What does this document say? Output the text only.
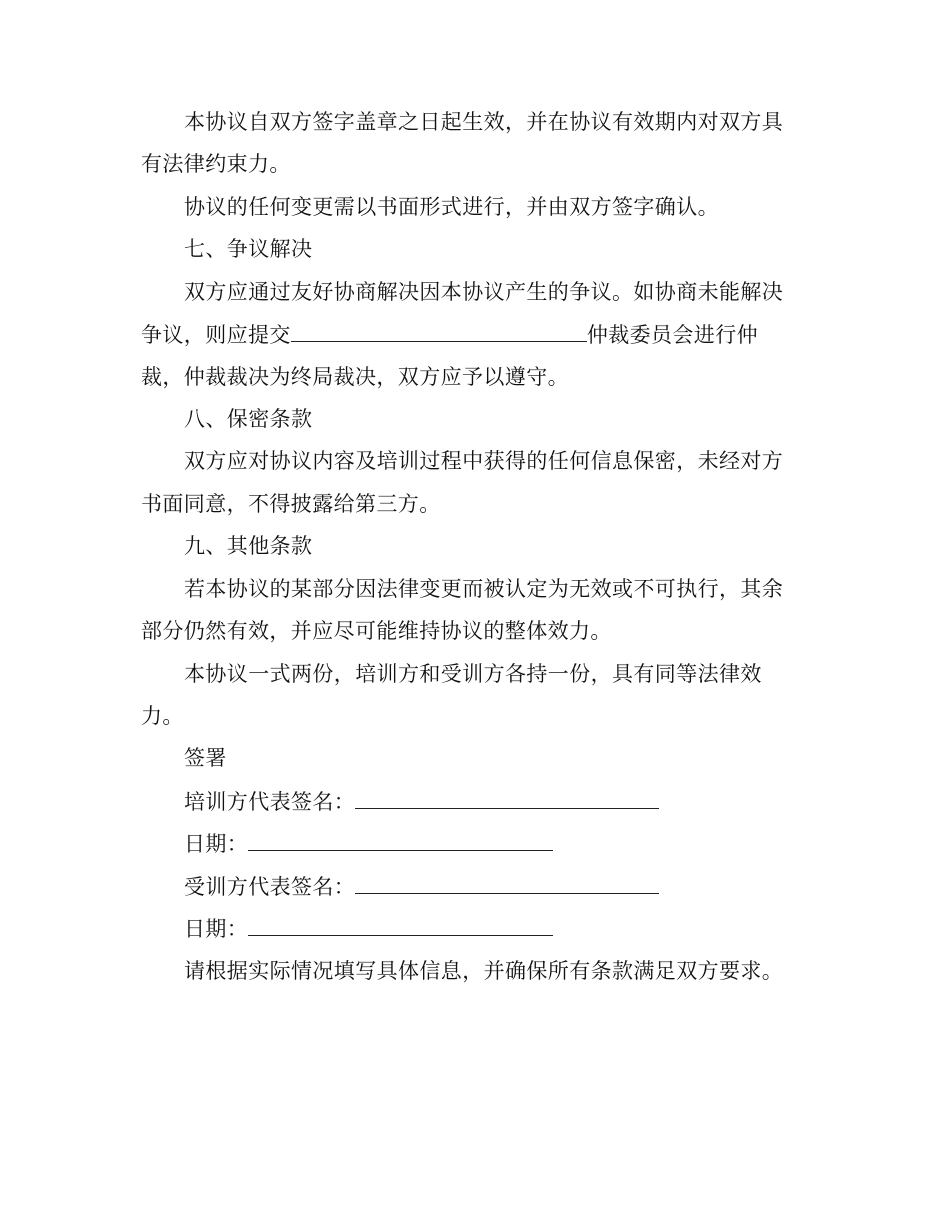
本协议自双方签字盖章之日起生效，并在协议有效期内对双方具
有法律约束力。
协议的任何变更需以书面形式进行，并由双方签字确认。
七、争议解决
双方应通过友好协商解决因本协议产生的争议。如协商未能解决
争议，则应提交	仲裁委员会进行仲
裁，仲裁裁决为终局裁决，双方应予以遵守。
八、保密条款
双方应对协议内容及培训过程中获得的任何信息保密，未经对方
书面同意，不得披露给第三方。
九、其他条款
若本协议的某部分因法律变更而被认定为无效或不可执行，其余
部分仍然有效，并应尽可能维持协议的整体效力。
本协议一式两份，培训方和受训方各持一份，具有同等法律效
力。
签署
培训方代表签名：
日期：
受训方代表签名：
日期：
请根据实际情况填写具体信息，并确保所有条款满足双方要求。
